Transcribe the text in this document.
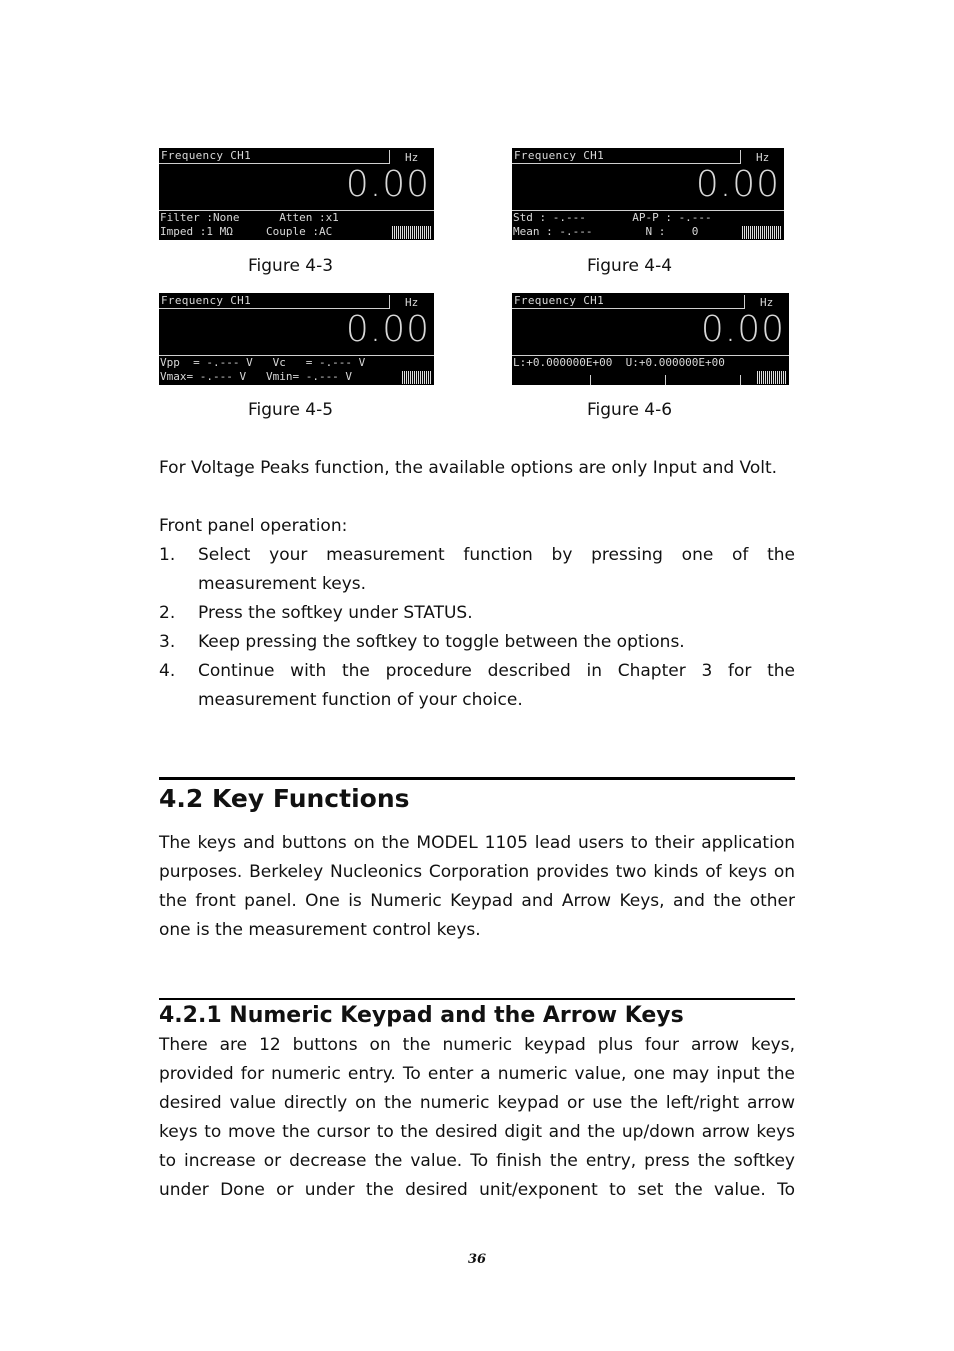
Frequency CH1	Hz
0.00
Filter :None      Atten :x1
Imped :1 MΩ     Couple :AC
Figure 4-3
Frequency CH1	Hz
0.00
Std : -.---       AP-P : -.---
Mean : -.---        N :    0
Figure 4-4
Frequency CH1	Hz
0.00
Vpp  = -.--- V   Vc   = -.--- V
Vmax= -.--- V   Vmin= -.--- V
Figure 4-5
Frequency CH1	Hz
0.00
L:+0.000000E+00  U:+0.000000E+00
Figure 4-6
For Voltage Peaks function, the available options are only Input and Volt.
Front panel operation:
1. Select your measurement function by pressing one of the measurement keys.
2. Press the softkey under STATUS.
3. Keep pressing the softkey to toggle between the options.
4. Continue with the procedure described in Chapter 3 for the measurement function of your choice.
4.2 Key Functions
The keys and buttons on the MODEL 1105 lead users to their application purposes. Berkeley Nucleonics Corporation provides two kinds of keys on the front panel. One is Numeric Keypad and Arrow Keys, and the other one is the measurement control keys.
4.2.1 Numeric Keypad and the Arrow Keys
There are 12 buttons on the numeric keypad plus four arrow keys, provided for numeric entry. To enter a numeric value, one may input the desired value directly on the numeric keypad or use the left/right arrow keys to move the cursor to the desired digit and the up/down arrow keys to increase or decrease the value. To finish the entry, press the softkey under Done or under the desired unit/exponent to set the value. To
36
